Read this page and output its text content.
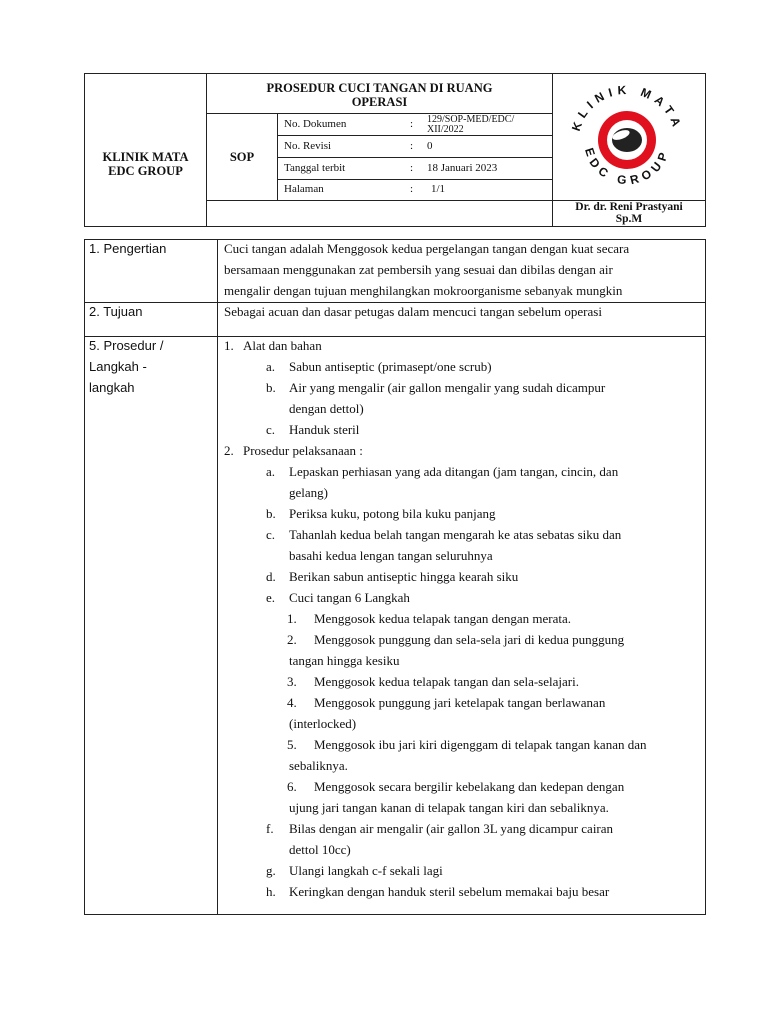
KLINIK MATA
EDC GROUP
PROSEDUR CUCI TANGAN DI RUANG
OPERASI
SOP
No. Dokumen	: 129/SOP-MED/EDC/
XII/2022
No. Revisi	: 0
Tanggal terbit	: 18 Januari 2023
Halaman	: 1/1
KLINIK MATA
EDC GROUP
Dr. dr. Reni Prastyani
Sp.M
1. Pengertian	Cuci tangan adalah Menggosok kedua pergelangan tangan dengan kuat secara
bersamaan menggunakan zat pembersih yang sesuai dan dibilas dengan air
mengalir dengan tujuan menghilangkan mokroorganisme sebanyak mungkin
2. Tujuan	Sebagai acuan dan dasar petugas dalam mencuci tangan sebelum operasi
5. Prosedur /
Langkah -
langkah
1. Alat dan bahan
a. Sabun antiseptic (primasept/one scrub)
b. Air yang mengalir (air gallon mengalir yang sudah dicampur
dengan dettol)
c. Handuk steril
2. Prosedur pelaksanaan :
a. Lepaskan perhiasan yang ada ditangan (jam tangan, cincin, dan
gelang)
b. Periksa kuku, potong bila kuku panjang
c. Tahanlah kedua belah tangan mengarah ke atas sebatas siku dan
basahi kedua lengan tangan seluruhnya
d. Berikan sabun antiseptic hingga kearah siku
e. Cuci tangan 6 Langkah
1. Menggosok kedua telapak tangan dengan merata.
2. Menggosok punggung dan sela-sela jari di kedua punggung
tangan hingga kesiku
3. Menggosok kedua telapak tangan dan sela-selajari.
4. Menggosok punggung jari ketelapak tangan berlawanan
(interlocked)
5. Menggosok ibu jari kiri digenggam di telapak tangan kanan dan
sebaliknya.
6. Menggosok secara bergilir kebelakang dan kedepan dengan
ujung jari tangan kanan di telapak tangan kiri dan sebaliknya.
f. Bilas dengan air mengalir (air gallon 3L yang dicampur cairan
dettol 10cc)
g. Ulangi langkah c-f sekali lagi
h. Keringkan dengan handuk steril sebelum memakai baju besar
